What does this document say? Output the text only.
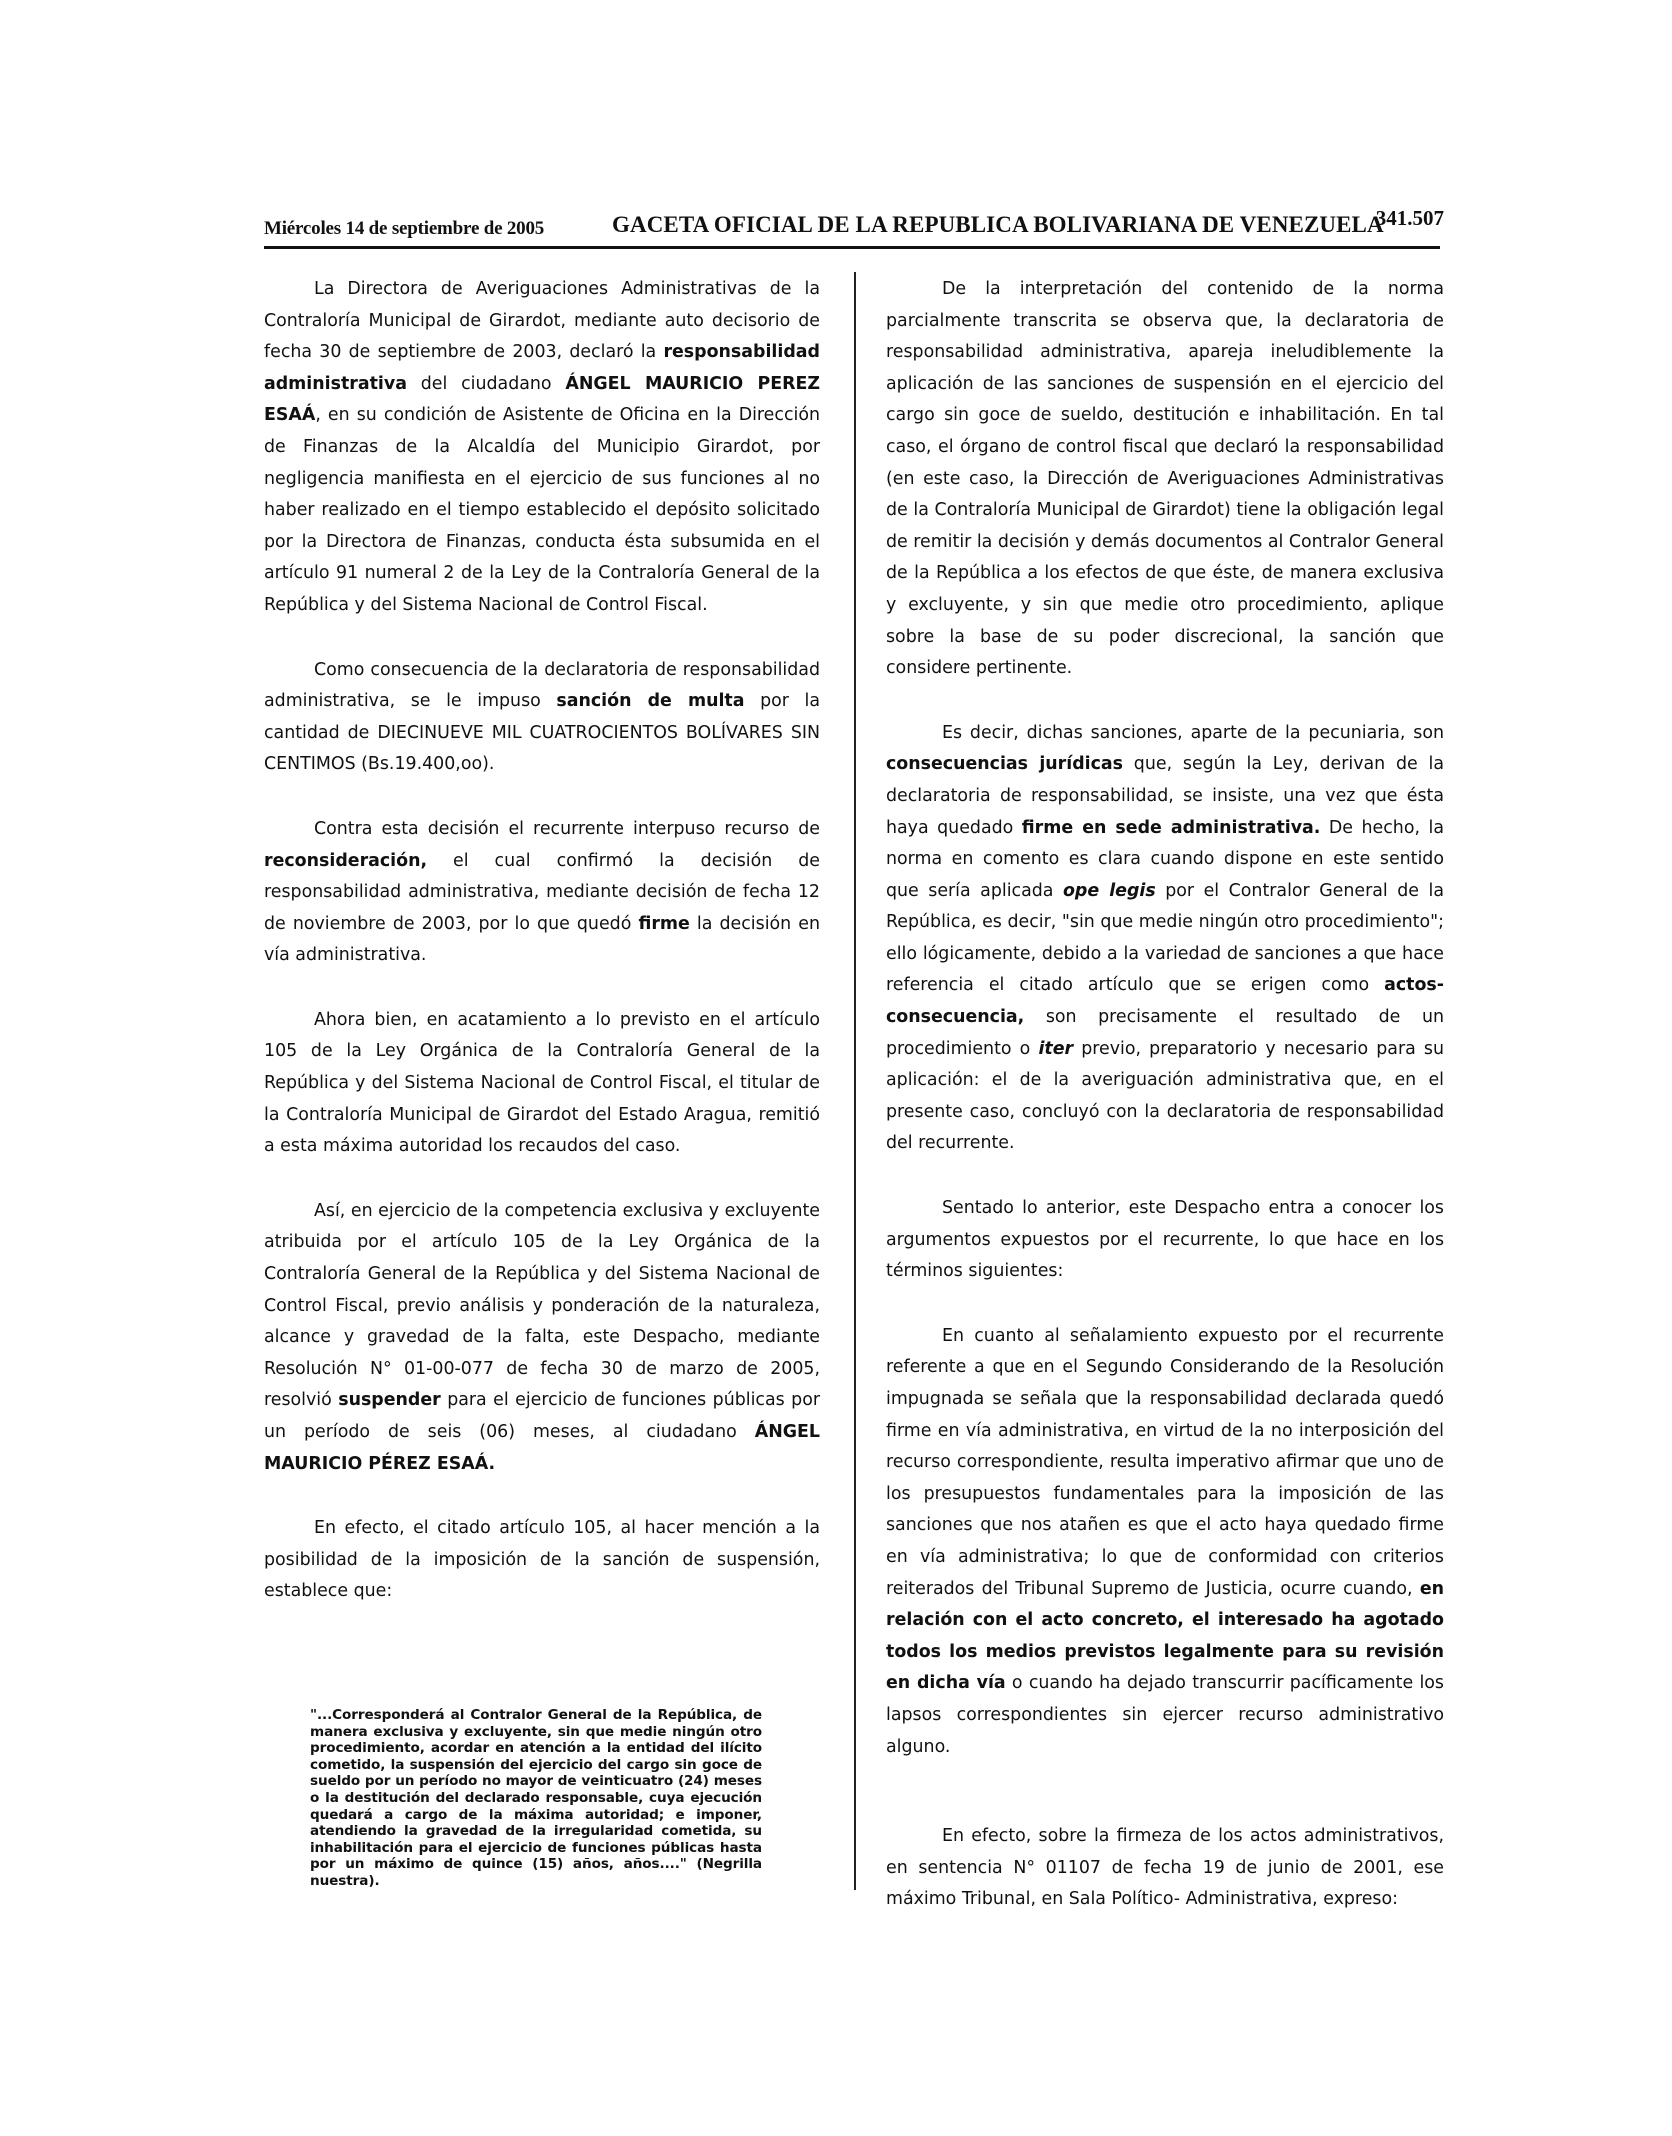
Miércoles 14 de septiembre de 2005	GACETA OFICIAL DE LA REPUBLICA BOLIVARIANA DE VENEZUELA
341.507

La Directora de Averiguaciones Administrativas de la Contraloría Municipal de Girardot, mediante auto decisorio de fecha 30 de septiembre de 2003, declaró la responsabilidad administrativa del ciudadano ÁNGEL MAURICIO PEREZ ESAÁ, en su condición de Asistente de Oficina en la Dirección de Finanzas de la Alcaldía del Municipio Girardot, por negligencia manifiesta en el ejercicio de sus funciones al no haber realizado en el tiempo establecido el depósito solicitado por la Directora de Finanzas, conducta ésta subsumida en el artículo 91 numeral 2 de la Ley de la Contraloría General de la República y del Sistema Nacional de Control Fiscal.

Como consecuencia de la declaratoria de responsabilidad administrativa, se le impuso sanción de multa por la cantidad de DIECINUEVE MIL CUATROCIENTOS BOLÍVARES SIN CENTIMOS (Bs.19.400,oo).

Contra esta decisión el recurrente interpuso recurso de reconsideración, el cual confirmó la decisión de responsabilidad administrativa, mediante decisión de fecha 12 de noviembre de 2003, por lo que quedó firme la decisión en vía administrativa.

Ahora bien, en acatamiento a lo previsto en el artículo 105 de la Ley Orgánica de la Contraloría General de la República y del Sistema Nacional de Control Fiscal, el titular de la Contraloría Municipal de Girardot del Estado Aragua, remitió a esta máxima autoridad los recaudos del caso.

Así, en ejercicio de la competencia exclusiva y excluyente atribuida por el artículo 105 de la Ley Orgánica de la Contraloría General de la República y del Sistema Nacional de Control Fiscal, previo análisis y ponderación de la naturaleza, alcance y gravedad de la falta, este Despacho, mediante Resolución N° 01-00-077 de fecha 30 de marzo de 2005, resolvió suspender para el ejercicio de funciones públicas por un período de seis (06) meses, al ciudadano ÁNGEL MAURICIO PÉREZ ESAÁ.

En efecto, el citado artículo 105, al hacer mención a la posibilidad de la imposición de la sanción de suspensión, establece que:

"...Corresponderá al Contralor General de la República, de manera exclusiva y excluyente, sin que medie ningún otro procedimiento, acordar en atención a la entidad del ilícito cometido, la suspensión del ejercicio del cargo sin goce de sueldo por un período no mayor de veinticuatro (24) meses o la destitución del declarado responsable, cuya ejecución quedará a cargo de la máxima autoridad; e imponer, atendiendo la gravedad de la irregularidad cometida, su inhabilitación para el ejercicio de funciones públicas hasta por un máximo de quince (15) años, años...." (Negrilla nuestra).

De la interpretación del contenido de la norma parcialmente transcrita se observa que, la declaratoria de responsabilidad administrativa, apareja ineludiblemente la aplicación de las sanciones de suspensión en el ejercicio del cargo sin goce de sueldo, destitución e inhabilitación. En tal caso, el órgano de control fiscal que declaró la responsabilidad (en este caso, la Dirección de Averiguaciones Administrativas de la Contraloría Municipal de Girardot) tiene la obligación legal de remitir la decisión y demás documentos al Contralor General de la República a los efectos de que éste, de manera exclusiva y excluyente, y sin que medie otro procedimiento, aplique sobre la base de su poder discrecional, la sanción que considere pertinente.

Es decir, dichas sanciones, aparte de la pecuniaria, son consecuencias jurídicas que, según la Ley, derivan de la declaratoria de responsabilidad, se insiste, una vez que ésta haya quedado firme en sede administrativa. De hecho, la norma en comento es clara cuando dispone en este sentido que sería aplicada ope legis por el Contralor General de la República, es decir, "sin que medie ningún otro procedimiento"; ello lógicamente, debido a la variedad de sanciones a que hace referencia el citado artículo que se erigen como actos-consecuencia, son precisamente el resultado de un procedimiento o iter previo, preparatorio y necesario para su aplicación: el de la averiguación administrativa que, en el presente caso, concluyó con la declaratoria de responsabilidad del recurrente.

Sentado lo anterior, este Despacho entra a conocer los argumentos expuestos por el recurrente, lo que hace en los términos siguientes:

En cuanto al señalamiento expuesto por el recurrente referente a que en el Segundo Considerando de la Resolución impugnada se señala que la responsabilidad declarada quedó firme en vía administrativa, en virtud de la no interposición del recurso correspondiente, resulta imperativo afirmar que uno de los presupuestos fundamentales para la imposición de las sanciones que nos atañen es que el acto haya quedado firme en vía administrativa; lo que de conformidad con criterios reiterados del Tribunal Supremo de Justicia, ocurre cuando, en relación con el acto concreto, el interesado ha agotado todos los medios previstos legalmente para su revisión en dicha vía o cuando ha dejado transcurrir pacíficamente los lapsos correspondientes sin ejercer recurso administrativo alguno.

En efecto, sobre la firmeza de los actos administrativos, en sentencia N° 01107 de fecha 19 de junio de 2001, ese máximo Tribunal, en Sala Político- Administrativa, expreso:
